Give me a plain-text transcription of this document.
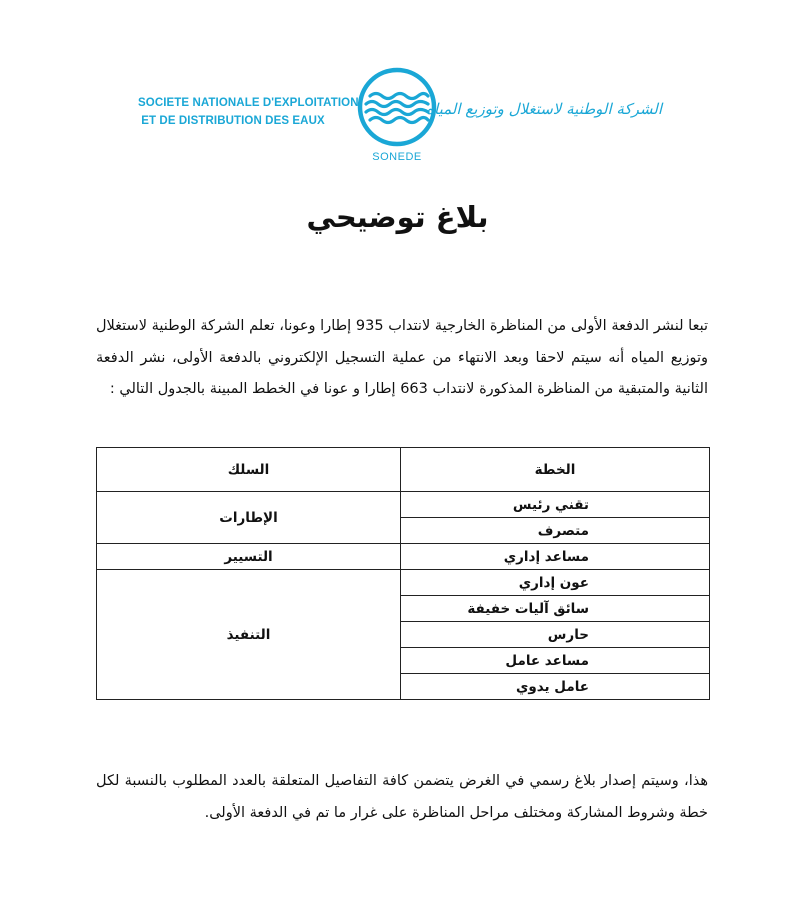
SOCIETE NATIONALE D'EXPLOITATION
ET DE DISTRIBUTION DES EAUX
SONEDE
الشركة الوطنية لاستغلال وتوزيع المياه
بلاغ توضيحي
تبعا لنشر الدفعة الأولى من المناظرة الخارجية لانتداب 935 إطارا وعونا، تعلم الشركة الوطنية لاستغلال وتوزيع المياه أنه سيتم لاحقا وبعد الانتهاء من عملية التسجيل الإلكتروني بالدفعة الأولى، نشر الدفعة الثانية والمتبقية من المناظرة المذكورة لانتداب 663 إطارا و عونا في الخطط المبينة بالجدول التالي :
الخطة	السلك
تقني رئيس	الإطارات
متصرف	
مساعد إداري	التسيير
عون إداري	التنفيذ
سائق آليات خفيفة	
حارس	
مساعد عامل	
عامل يدوي	
هذا، وسيتم إصدار بلاغ رسمي في الغرض يتضمن كافة التفاصيل المتعلقة بالعدد المطلوب بالنسبة لكل خطة وشروط المشاركة ومختلف مراحل المناظرة على غرار ما تم في الدفعة الأولى.
